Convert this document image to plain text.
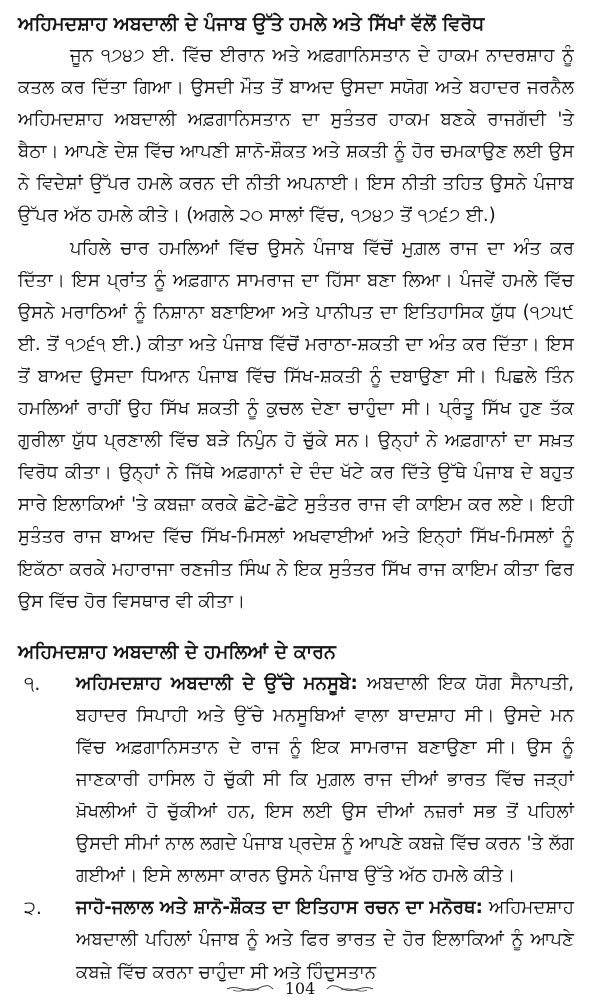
ਅਹਿਮਦਸ਼ਾਹ ਅਬਦਾਲੀ ਦੇ ਪੰਜਾਬ ਉੱਤੇ ਹਮਲੇ ਅਤੇ ਸਿੱਖਾਂ ਵੱਲੋਂ ਵਿਰੋਧ

ਜੂਨ ੧੭੪੭ ਈ. ਵਿੱਚ ਈਰਾਨ ਅਤੇ ਅਫ਼ਗਾਨਿਸਤਾਨ ਦੇ ਹਾਕਮ ਨਾਦਰਸ਼ਾਹ ਨੂੰ ਕਤਲ ਕਰ ਦਿੱਤਾ ਗਿਆ। ਉਸਦੀ ਮੌਤ ਤੋਂ ਬਾਅਦ ਉਸਦਾ ਸਯੋਗ ਅਤੇ ਬਹਾਦਰ ਜਰਨੈਲ ਅਹਿਮਦਸ਼ਾਹ ਅਬਦਾਲੀ ਅਫ਼ਗਾਨਿਸਤਾਨ ਦਾ ਸੁਤੰਤਰ ਹਾਕਮ ਬਣਕੇ ਰਾਜਗੱਦੀ 'ਤੇ ਬੈਠਾ। ਆਪਣੇ ਦੇਸ਼ ਵਿੱਚ ਆਪਣੀ ਸ਼ਾਨੋ-ਸ਼ੌਕਤ ਅਤੇ ਸ਼ਕਤੀ ਨੂੰ ਹੋਰ ਚਮਕਾਉਣ ਲਈ ਉਸ ਨੇ ਵਿਦੇਸ਼ਾਂ ਉੱਪਰ ਹਮਲੇ ਕਰਨ ਦੀ ਨੀਤੀ ਅਪਨਾਈ। ਇਸ ਨੀਤੀ ਤਹਿਤ ਉਸਨੇ ਪੰਜਾਬ ਉੱਪਰ ਅੱਠ ਹਮਲੇ ਕੀਤੇ। (ਅਗਲੇ ੨੦ ਸਾਲਾਂ ਵਿੱਚ, ੧੭੪੭ ਤੋਂ ੧੭੬੭ ਈ.)

ਪਹਿਲੇ ਚਾਰ ਹਮਲਿਆਂ ਵਿੱਚ ਉਸਨੇ ਪੰਜਾਬ ਵਿੱਚੋਂ ਮੁਗ਼ਲ ਰਾਜ ਦਾ ਅੰਤ ਕਰ ਦਿੱਤਾ। ਇਸ ਪ੍ਰਾਂਤ ਨੂੰ ਅਫ਼ਗਾਨ ਸਾਮਰਾਜ ਦਾ ਹਿੱਸਾ ਬਣਾ ਲਿਆ। ਪੰਜਵੇਂ ਹਮਲੇ ਵਿੱਚ ਉਸਨੇ ਮਰਾਠਿਆਂ ਨੂੰ ਨਿਸ਼ਾਨਾ ਬਣਾਇਆ ਅਤੇ ਪਾਨੀਪਤ ਦਾ ਇਤਿਹਾਸਿਕ ਯੁੱਧ (੧੭੫੯ ਈ. ਤੋਂ ੧੭੬੧ ਈ.) ਕੀਤਾ ਅਤੇ ਪੰਜਾਬ ਵਿੱਚੋਂ ਮਰਾਠਾ-ਸ਼ਕਤੀ ਦਾ ਅੰਤ ਕਰ ਦਿੱਤਾ। ਇਸ ਤੋਂ ਬਾਅਦ ਉਸਦਾ ਧਿਆਨ ਪੰਜਾਬ ਵਿੱਚ ਸਿੱਖ-ਸ਼ਕਤੀ ਨੂੰ ਦਬਾਉਣਾ ਸੀ। ਪਿਛਲੇ ਤਿੰਨ ਹਮਲਿਆਂ ਰਾਹੀਂ ਉਹ ਸਿੱਖ ਸ਼ਕਤੀ ਨੂੰ ਕੁਚਲ ਦੇਣਾ ਚਾਹੁੰਦਾ ਸੀ। ਪ੍ਰੰਤੂ ਸਿੱਖ ਹੁਣ ਤੱਕ ਗੁਰੀਲਾ ਯੁੱਧ ਪ੍ਰਣਾਲੀ ਵਿੱਚ ਬੜੇ ਨਿਪੁੰਨ ਹੋ ਚੁੱਕੇ ਸਨ। ਉਨ੍ਹਾਂ ਨੇ ਅਫ਼ਗਾਨਾਂ ਦਾ ਸਖ਼ਤ ਵਿਰੋਧ ਕੀਤਾ। ਉਨ੍ਹਾਂ ਨੇ ਜਿੱਥੇ ਅਫ਼ਗਾਨਾਂ ਦੇ ਦੰਦ ਖੱਟੇ ਕਰ ਦਿੱਤੇ ਉੱਥੇ ਪੰਜਾਬ ਦੇ ਬਹੁਤ ਸਾਰੇ ਇਲਾਕਿਆਂ 'ਤੇ ਕਬਜ਼ਾ ਕਰਕੇ ਛੋਟੇ-ਛੋਟੇ ਸੁਤੰਤਰ ਰਾਜ ਵੀ ਕਾਇਮ ਕਰ ਲਏ। ਇਹੀ ਸੁਤੰਤਰ ਰਾਜ ਬਾਅਦ ਵਿੱਚ ਸਿੱਖ-ਮਿਸਲਾਂ ਅਖਵਾਈਆਂ ਅਤੇ ਇਨ੍ਹਾਂ ਸਿੱਖ-ਮਿਸਲਾਂ ਨੂੰ ਇਕੱਠਾ ਕਰਕੇ ਮਹਾਰਾਜਾ ਰਣਜੀਤ ਸਿੰਘ ਨੇ ਇਕ ਸੁਤੰਤਰ ਸਿੱਖ ਰਾਜ ਕਾਇਮ ਕੀਤਾ ਫਿਰ ਉਸ ਵਿੱਚ ਹੋਰ ਵਿਸਥਾਰ ਵੀ ਕੀਤਾ।

ਅਹਿਮਦਸ਼ਾਹ ਅਬਦਾਲੀ ਦੇ ਹਮਲਿਆਂ ਦੇ ਕਾਰਨ
੧. ਅਹਿਮਦਸ਼ਾਹ ਅਬਦਾਲੀ ਦੇ ਉੱਚੇ ਮਨਸੂਬੇ: ਅਬਦਾਲੀ ਇਕ ਯੋਗ ਸੈਨਾਪਤੀ, ਬਹਾਦਰ ਸਿਪਾਹੀ ਅਤੇ ਉੱਚੇ ਮਨਸੂਬਿਆਂ ਵਾਲਾ ਬਾਦਸ਼ਾਹ ਸੀ। ਉਸਦੇ ਮਨ ਵਿੱਚ ਅਫ਼ਗਾਨਿਸਤਾਨ ਦੇ ਰਾਜ ਨੂੰ ਇਕ ਸਾਮਰਾਜ ਬਣਾਉਣਾ ਸੀ। ਉਸ ਨੂੰ ਜਾਣਕਾਰੀ ਹਾਸਿਲ ਹੋ ਚੁੱਕੀ ਸੀ ਕਿ ਮੁਗ਼ਲ ਰਾਜ ਦੀਆਂ ਭਾਰਤ ਵਿੱਚ ਜੜ੍ਹਾਂ ਖ਼ੋਖਲੀਆਂ ਹੋ ਚੁੱਕੀਆਂ ਹਨ, ਇਸ ਲਈ ਉਸ ਦੀਆਂ ਨਜ਼ਰਾਂ ਸਭ ਤੋਂ ਪਹਿਲਾਂ ਉਸਦੀ ਸੀਮਾਂ ਨਾਲ ਲਗਦੇ ਪੰਜਾਬ ਪ੍ਰਦੇਸ਼ ਨੂੰ ਆਪਣੇ ਕਬਜ਼ੇ ਵਿੱਚ ਕਰਨ 'ਤੇ ਲੱਗ ਗਈਆਂ। ਇਸੇ ਲਾਲਸਾ ਕਾਰਨ ਉਸਨੇ ਪੰਜਾਬ ਉੱਤੇ ਅੱਠ ਹਮਲੇ ਕੀਤੇ।

੨. ਜਾਹੋ-ਜਲਾਲ ਅਤੇ ਸ਼ਾਨੋ-ਸ਼ੌਕਤ ਦਾ ਇਤਿਹਾਸ ਰਚਨ ਦਾ ਮਨੋਰਥ: ਅਹਿਮਦਸ਼ਾਹ ਅਬਦਾਲੀ ਪਹਿਲਾਂ ਪੰਜਾਬ ਨੂੰ ਅਤੇ ਫਿਰ ਭਾਰਤ ਦੇ ਹੋਰ ਇਲਾਕਿਆਂ ਨੂੰ ਆਪਣੇ ਕਬਜ਼ੇ ਵਿੱਚ ਕਰਨਾ ਚਾਹੁੰਦਾ ਸੀ ਅਤੇ ਹਿੰਦੁਸਤਾਨ

104
